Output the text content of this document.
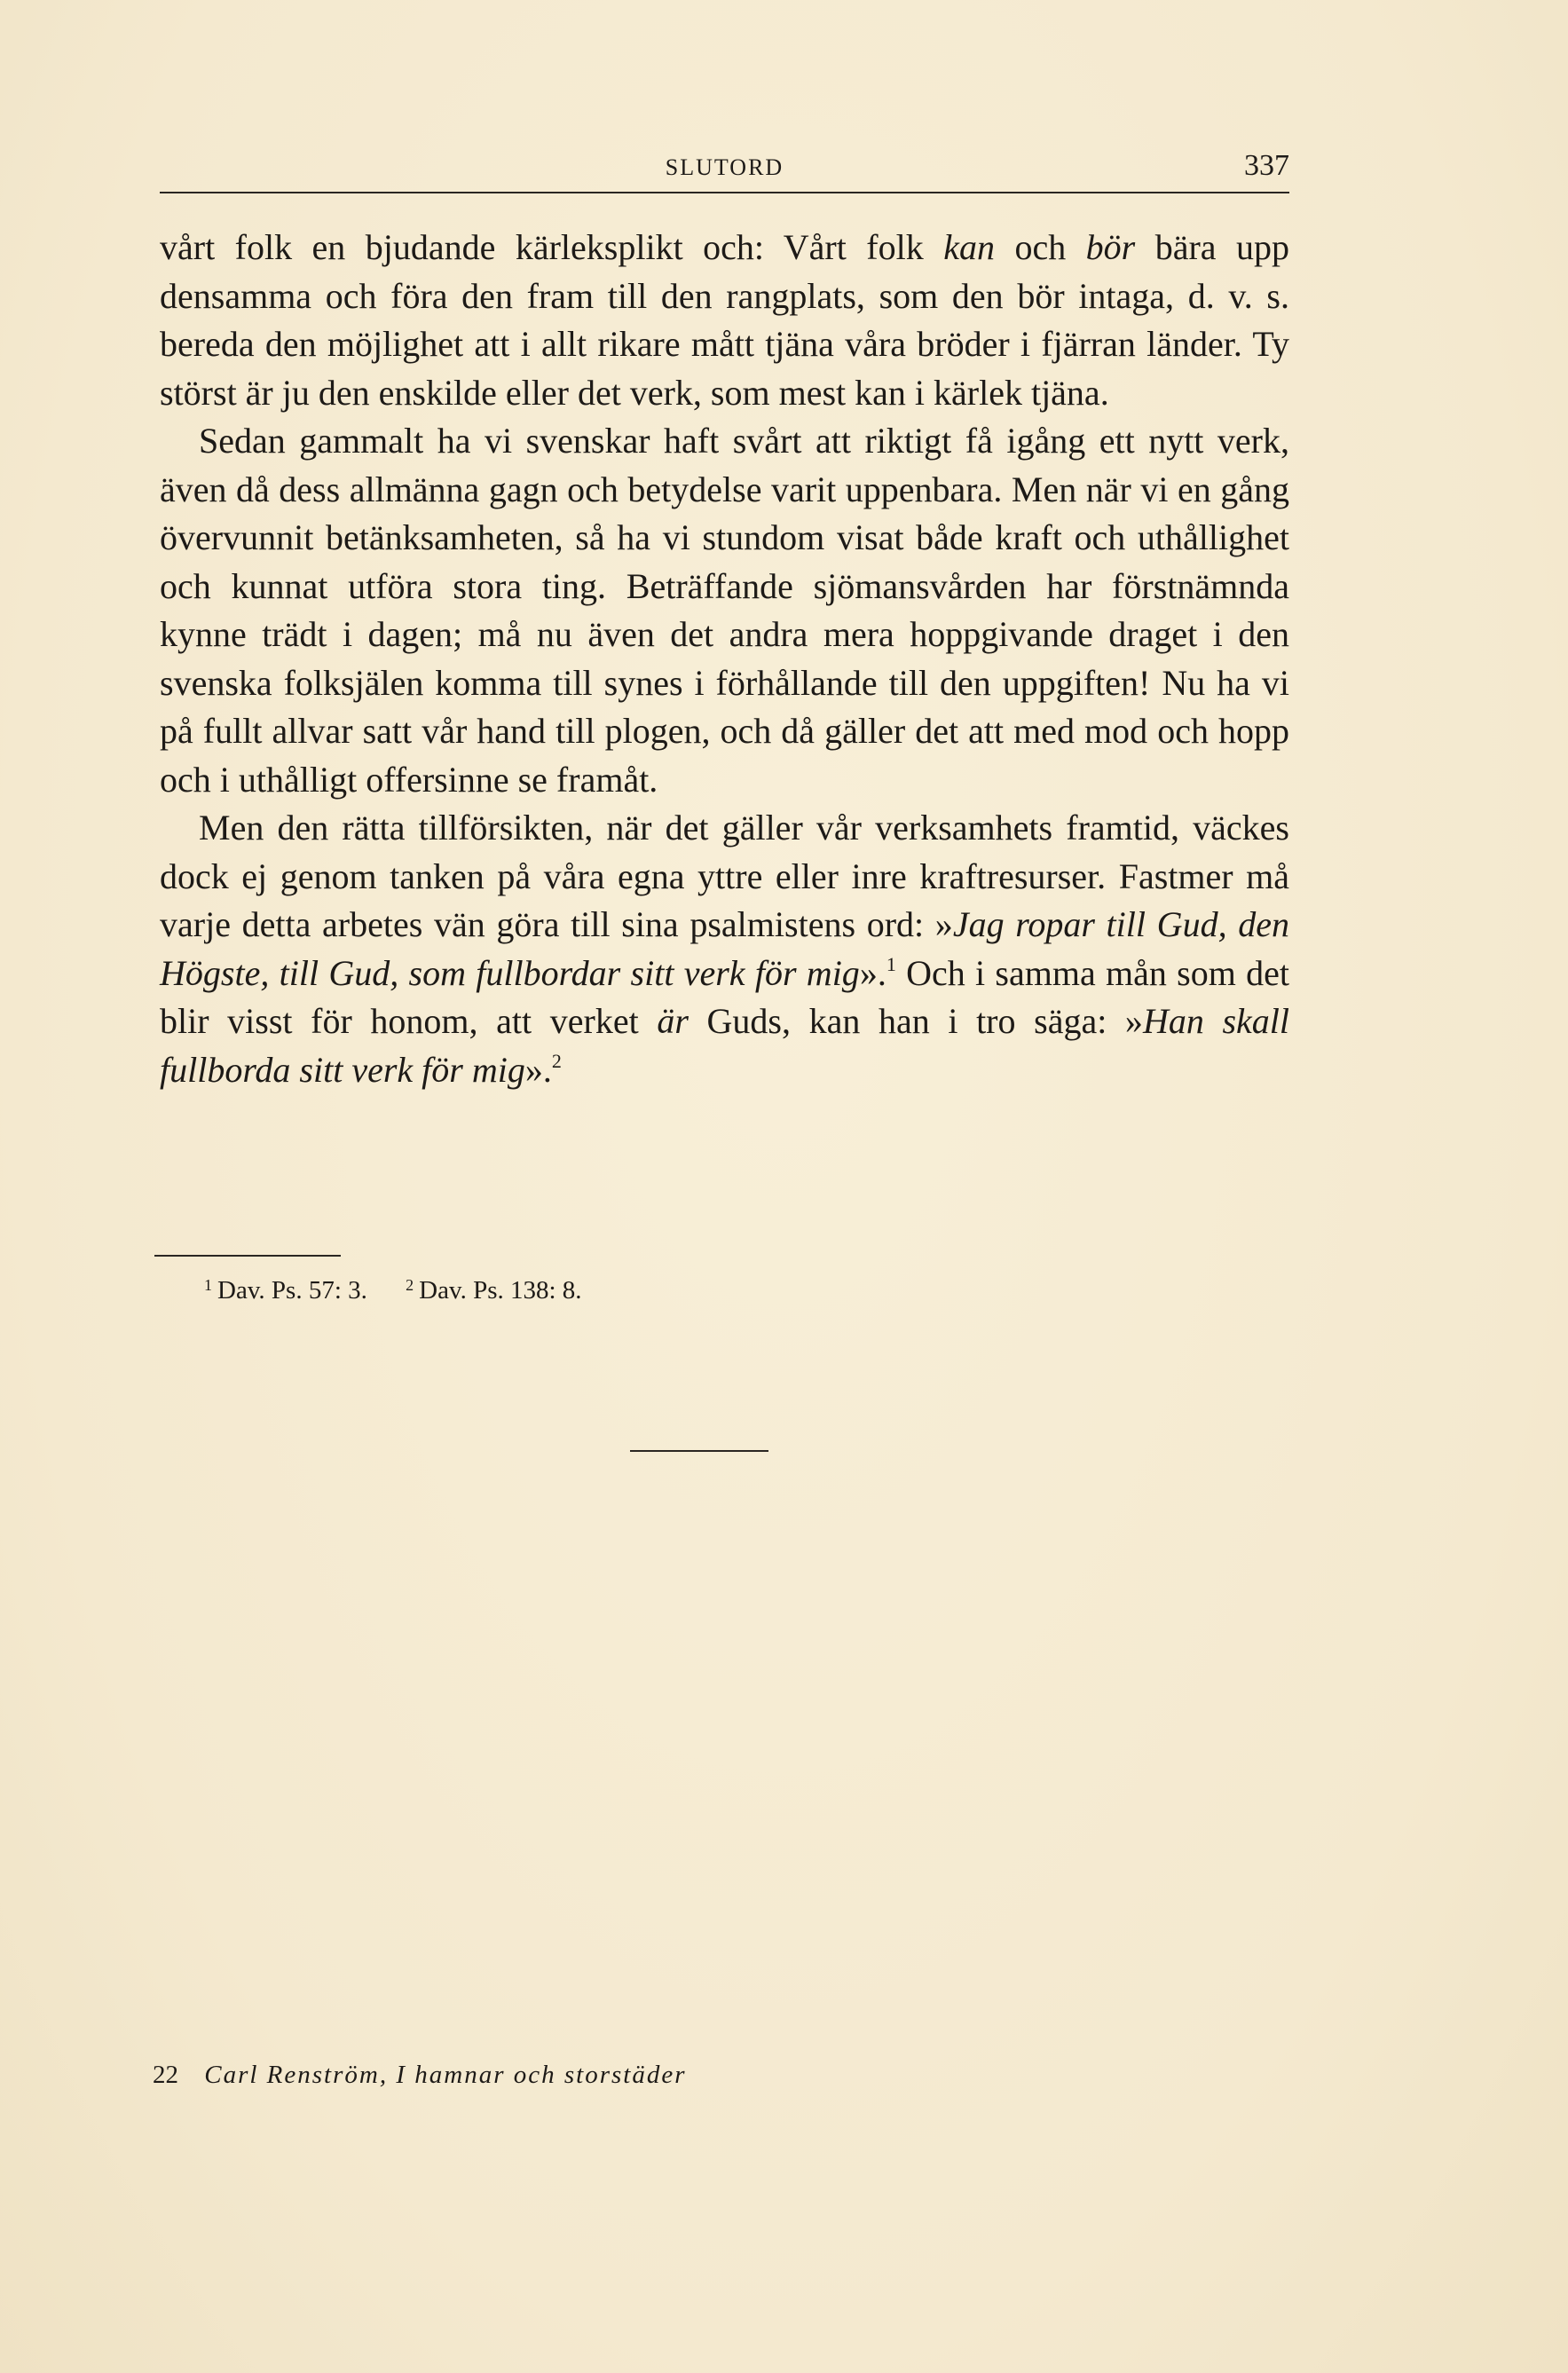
SLUTORD	337

vårt folk en bjudande kärleksplikt och: Vårt folk kan och bör bära upp densamma och föra den fram till den rangplats, som den bör intaga, d. v. s. bereda den möjlighet att i allt rikare mått tjäna våra bröder i fjärran länder. Ty störst är ju den enskilde eller det verk, som mest kan i kärlek tjäna.

Sedan gammalt ha vi svenskar haft svårt att riktigt få igång ett nytt verk, även då dess allmänna gagn och betydelse varit uppenbara. Men när vi en gång övervunnit betänksamheten, så ha vi stundom visat både kraft och uthållighet och kunnat utföra stora ting. Beträffande sjömansvården har förstnämnda kynne trädt i dagen; må nu även det andra mera hoppgivande draget i den svenska folksjälen komma till synes i förhållande till den uppgiften! Nu ha vi på fullt allvar satt vår hand till plogen, och då gäller det att med mod och hopp och i uthålligt offersinne se framåt.

Men den rätta tillförsikten, när det gäller vår verksamhets framtid, väckes dock ej genom tanken på våra egna yttre eller inre kraftresurser. Fastmer må varje detta arbetes vän göra till sina psalmistens ord: »Jag ropar till Gud, den Högste, till Gud, som fullbordar sitt verk för mig».$^1$ Och i samma mån som det blir visst för honom, att verket är Guds, kan han i tro säga: »Han skall fullborda sitt verk för mig».$^2$

$^1$ Dav. Ps. 57: 3. $^2$ Dav. Ps. 138: 8.
22 Carl Renström, I hamnar och storstäder
